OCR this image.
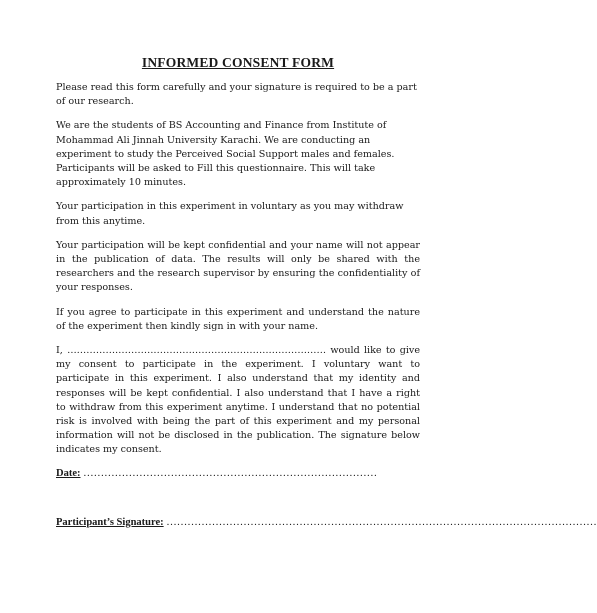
INFORMED CONSENT FORM

Please read this form carefully and your signature is required to be a part of our research.

We are the students of BS Accounting and Finance from Institute of Mohammad Ali Jinnah University Karachi. We are conducting an experiment to study the Perceived Social Support males and females. Participants will be asked to Fill this questionnaire. This will take approximately 10 minutes.

Your participation in this experiment in voluntary as you may withdraw from this anytime.

Your participation will be kept confidential and your name will not appear in the publication of data. The results will only be shared with the researchers and the research supervisor by ensuring the confidentiality of your responses.

If you agree to participate in this experiment and understand the nature of the experiment then kindly sign in with your name.

I, ……………………………………………………………………… would like to give my consent to participate in the experiment. I voluntary want to participate in this experiment. I also understand that my identity and responses will be kept confidential. I also understand that I have a right to withdraw from this experiment anytime. I understand that no potential risk is involved with being the part of this experiment and my personal information will not be disclosed in the publication. The signature below indicates my consent.

Date: …………………………………………………………………………

Participant’s Signature: ……………………………………………………………………………………………………………
